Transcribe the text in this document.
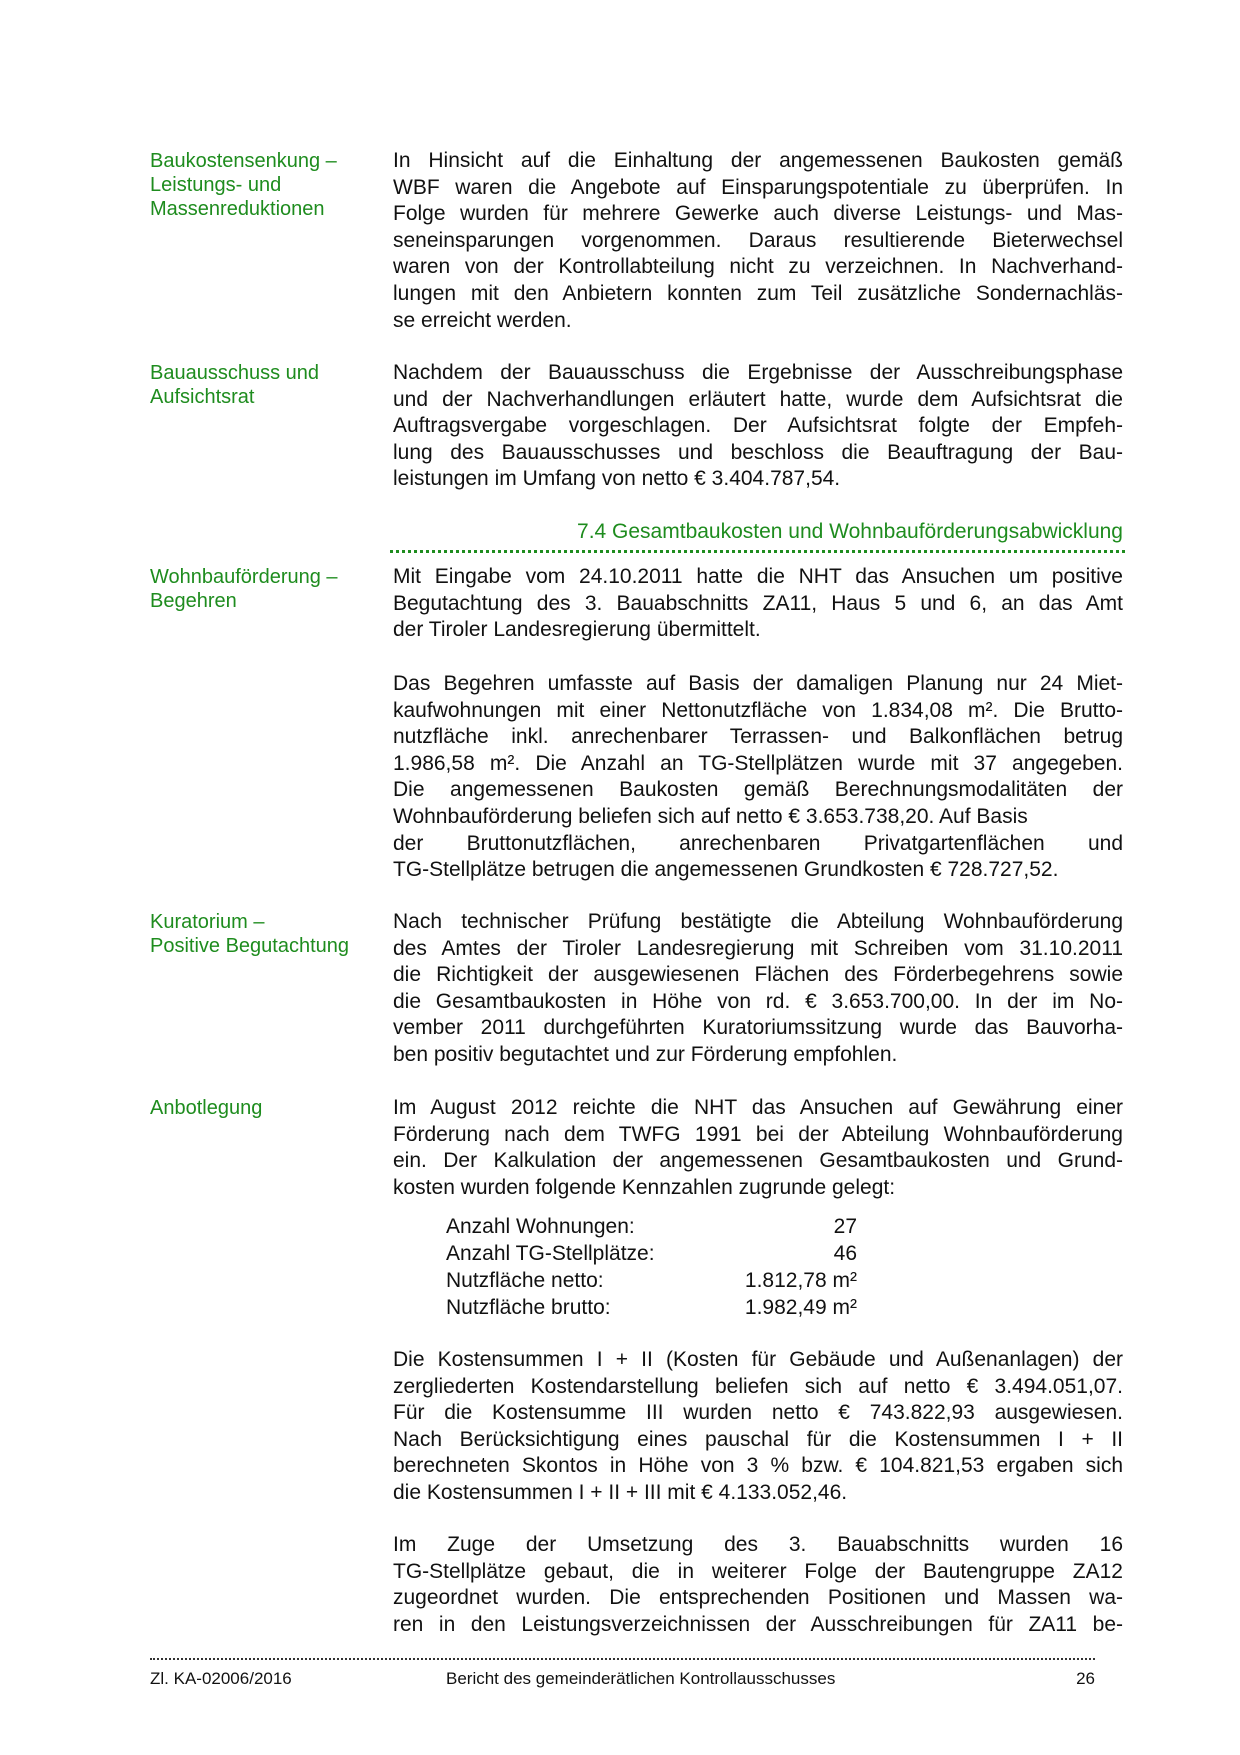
Baukostensenkung –
Leistungs- und
Massenreduktionen
In Hinsicht auf die Einhaltung der angemessenen Baukosten gemäß
WBF waren die Angebote auf Einsparungspotentiale zu überprüfen. In
Folge wurden für mehrere Gewerke auch diverse Leistungs- und Mas-
seneinsparungen vorgenommen. Daraus resultierende Bieterwechsel
waren von der Kontrollabteilung nicht zu verzeichnen. In Nachverhand-
lungen mit den Anbietern konnten zum Teil zusätzliche Sondernachläs-
se erreicht werden.
Bauausschuss und
Aufsichtsrat
Nachdem der Bauausschuss die Ergebnisse der Ausschreibungsphase
und der Nachverhandlungen erläutert hatte, wurde dem Aufsichtsrat die
Auftragsvergabe vorgeschlagen. Der Aufsichtsrat folgte der Empfeh-
lung des Bauausschusses und beschloss die Beauftragung der Bau-
leistungen im Umfang von netto € 3.404.787,54.
7.4 Gesamtbaukosten und Wohnbauförderungsabwicklung
Wohnbauförderung –
Begehren
Mit Eingabe vom 24.10.2011 hatte die NHT das Ansuchen um positive
Begutachtung des 3. Bauabschnitts ZA11, Haus 5 und 6, an das Amt
der Tiroler Landesregierung übermittelt.
Das Begehren umfasste auf Basis der damaligen Planung nur 24 Miet-
kaufwohnungen mit einer Nettonutzfläche von 1.834,08 m². Die Brutto-
nutzfläche inkl. anrechenbarer Terrassen- und Balkonflächen betrug
1.986,58 m². Die Anzahl an TG-Stellplätzen wurde mit 37 angegeben.
Die angemessenen Baukosten gemäß Berechnungsmodalitäten der
Wohnbauförderung beliefen sich auf netto € 3.653.738,20. Auf Basis
der Bruttonutzflächen, anrechenbaren Privatgartenflächen und
TG-Stellplätze betrugen die angemessenen Grundkosten € 728.727,52.
Kuratorium –
Positive Begutachtung
Nach technischer Prüfung bestätigte die Abteilung Wohnbauförderung
des Amtes der Tiroler Landesregierung mit Schreiben vom 31.10.2011
die Richtigkeit der ausgewiesenen Flächen des Förderbegehrens sowie
die Gesamtbaukosten in Höhe von rd. € 3.653.700,00. In der im No-
vember 2011 durchgeführten Kuratoriumssitzung wurde das Bauvorha-
ben positiv begutachtet und zur Förderung empfohlen.
Anbotlegung	Im August 2012 reichte die NHT das Ansuchen auf Gewährung einer
Förderung nach dem TWFG 1991 bei der Abteilung Wohnbauförderung
ein. Der Kalkulation der angemessenen Gesamtbaukosten und Grund-
kosten wurden folgende Kennzahlen zugrunde gelegt:
Anzahl Wohnungen:	27
Anzahl TG-Stellplätze:	46
Nutzfläche netto:	1.812,78 m²
Nutzfläche brutto:	1.982,49 m²
Die Kostensummen I + II (Kosten für Gebäude und Außenanlagen) der
zergliederten Kostendarstellung beliefen sich auf netto € 3.494.051,07.
Für die Kostensumme III wurden netto € 743.822,93 ausgewiesen.
Nach Berücksichtigung eines pauschal für die Kostensummen I + II
berechneten Skontos in Höhe von 3 % bzw. € 104.821,53 ergaben sich
die Kostensummen I + II + III mit € 4.133.052,46.
Im Zuge der Umsetzung des 3. Bauabschnitts wurden 16
TG-Stellplätze gebaut, die in weiterer Folge der Bautengruppe ZA12
zugeordnet wurden. Die entsprechenden Positionen und Massen wa-
ren in den Leistungsverzeichnissen der Ausschreibungen für ZA11 be-
Zl. KA-02006/2016	Bericht des gemeinderätlichen Kontrollausschusses	26
